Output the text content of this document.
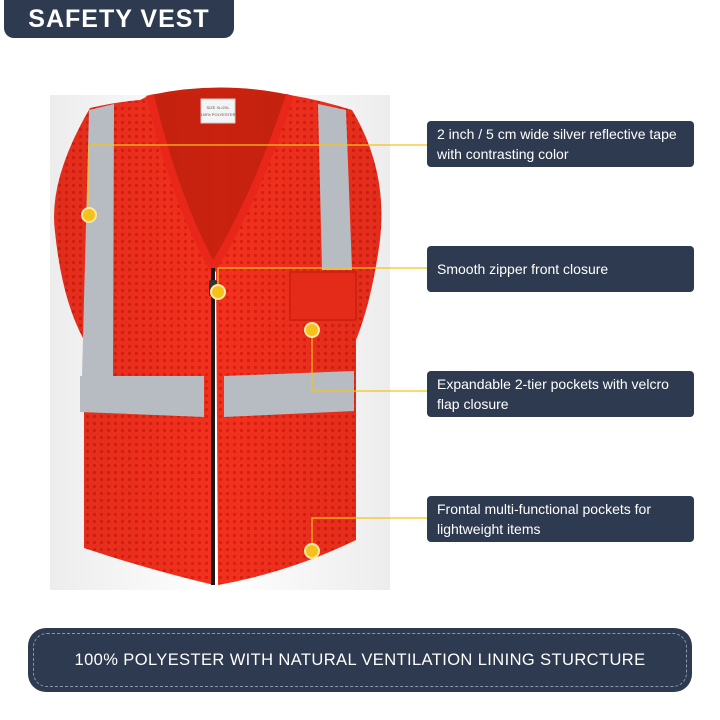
SAFETY VEST
SIZE XL/2XL
100% POLYESTER
2 inch / 5 cm wide silver reflective tape with contrasting color
Smooth zipper front closure
Expandable 2-tier pockets with velcro flap closure
Frontal multi-functional pockets for lightweight items
100% POLYESTER WITH NATURAL VENTILATION LINING STURCTURE
